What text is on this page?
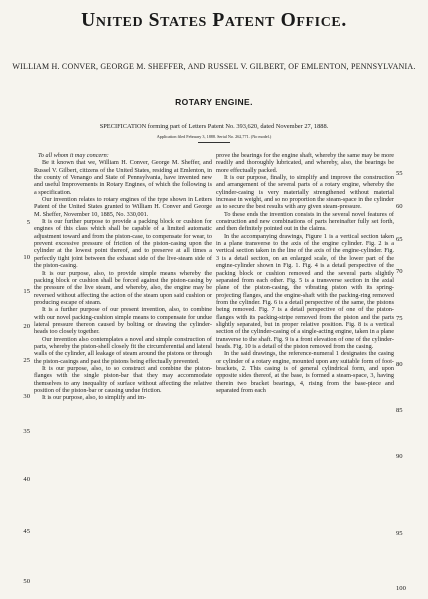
United States Patent Office.
WILLIAM H. CONVER, GEORGE M. SHEFFER, AND RUSSEL V. GILBERT, OF EMLENTON, PENNSYLVANIA.
ROTARY ENGINE.
SPECIFICATION forming part of Letters Patent No. 393,620, dated November 27, 1888.
Application filed February 3, 1888. Serial No. 262,771. (No model.)

To all whom it may concern:

Be it known that we, William H. Conver, George M. Sheffer, and Russel V. Gilbert, citizens of the United States, residing at Emlenton, in the county of Venango and State of Pennsylvania, have invented new and useful Improvements in Rotary Engines, of which the following is a specification.

Our invention relates to rotary engines of the type shown in Letters Patent of the United States granted to William H. Conver and George M. Sheffer, November 10, 1885, No. 330,001.

It is our further purpose to provide a packing block or cushion for engines of this class which shall be capable of a limited automatic adjustment toward and from the piston-case, to compensate for wear, to prevent excessive pressure of friction of the piston-casing upon the cylinder at the lowest point thereof, and to preserve at all times a perfectly tight joint between the exhaust side of the live-steam side of the piston-casing.

It is our purpose, also, to provide simple means whereby the packing block or cushion shall be forced against the piston-casing by the pressure of the live steam, and whereby, also, the engine may be reversed without affecting the action of the steam upon said cushion or producing escape of steam.

It is a further purpose of our present invention, also, to combine with our novel packing-cushion simple means to compensate for undue lateral pressure thereon caused by bolting or drawing the cylinder-heads too closely together.

Our invention also contemplates a novel and simple construction of parts, whereby the piston-shell closely fit the circumferential and lateral walls of the cylinder, all leakage of steam around the pistons or through the piston-casings and past the pistons being effectually prevented.

It is our purpose, also, to so construct and combine the piston-flanges with the single piston-bar that they may accommodate themselves to any inequality of surface without affecting the relative position of the piston-bar or causing undue friction.

It is our purpose, also, to simplify and im-

prove the bearings for the engine shaft, whereby the same may be more readily and thoroughly lubricated, and whereby, also, the bearings be more effectually packed.

It is our purpose, finally, to simplify and improve the construction and arrangement of the several parts of a rotary engine, whereby the cylinder-casing is very materially strengthened without material increase in weight, and so no proportion the steam-space in the cylinder as to secure the best results with any given steam-pressure.

To these ends the invention consists in the several novel features of construction and new combinations of parts hereinafter fully set forth, and then definitely pointed out in the claims.

In the accompanying drawings, Figure 1 is a vertical section taken in a plane transverse to the axis of the engine cylinder. Fig. 2 is a vertical section taken in the line of the axis of the engine-cylinder. Fig. 3 is a detail section, on an enlarged scale, of the lower part of the engine-cylinder shown in Fig. 1. Fig. 4 is a detail perspective of the packing block or cushion removed and the several parts slightly separated from each other. Fig. 5 is a transverse section in the axial plane of the piston-casing, the vibrating piston with its spring-projecting flanges, and the engine-shaft with the packing-ring removed from the cylinder. Fig. 6 is a detail perspective of the same, the pistons being removed. Fig. 7 is a detail perspective of one of the piston-flanges with its packing-stripe removed from the piston and the parts slightly separated, but in proper relative position. Fig. 8 is a vertical section of the cylinder-casing of a single-acting engine, taken in a plane transverse to the shaft. Fig. 9 is a front elevation of one of the cylinder-heads. Fig. 10 is a detail of the piston removed from the casing.

In the said drawings, the reference-numeral 1 designates the casing or cylinder of a rotary engine, mounted upon any suitable form of foot-brackets, 2. This casing is of general cylindrical form, and upon opposite sides thereof, at the base, is formed a steam-space, 3, having therein two bracket bearings, 4, rising from the base-piece and separated from each

5
10
15
20
25
30
35
40
45
50
55
60
65
70
75
80
85
90
95
100
